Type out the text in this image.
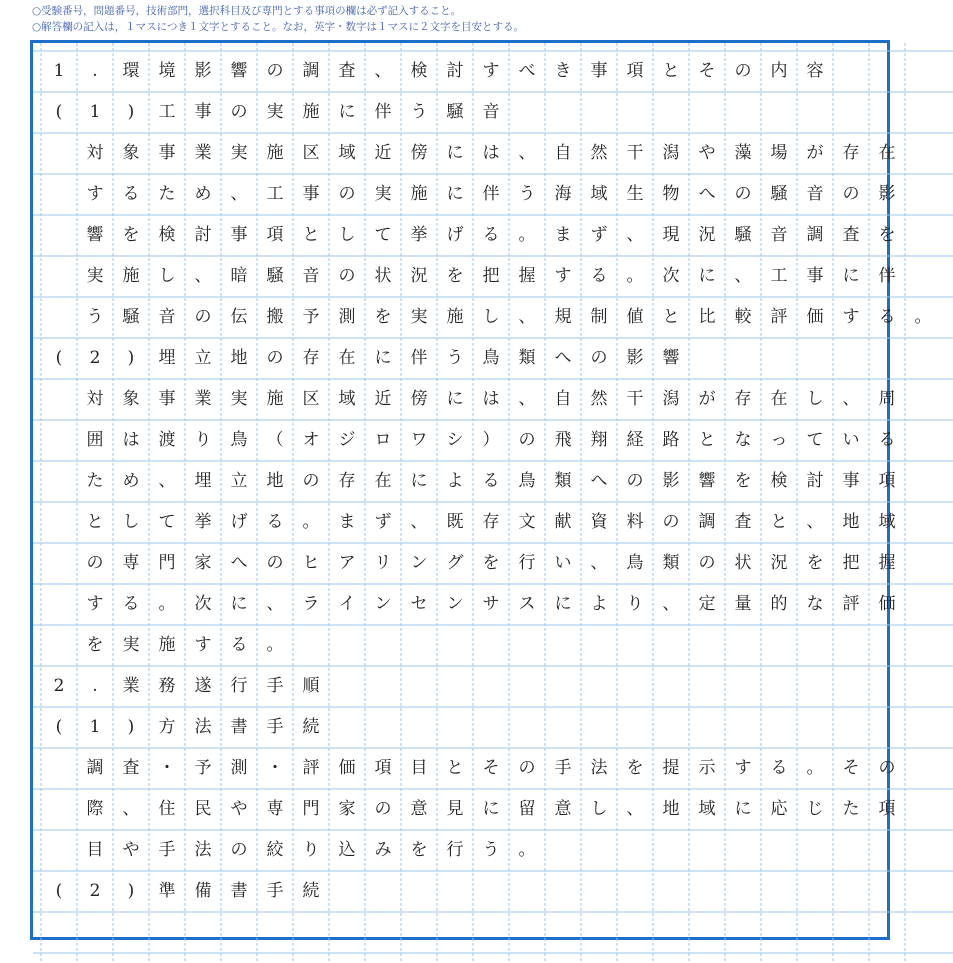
○受験番号，問題番号，技術部門，選択科目及び専門とする事項の欄は必ず記入すること。
○解答欄の記入は，１マスにつき１文字とすること。なお，英字・数字は１マスに２文字を目安とする。
1	.	環	境	影	響	の	調	査	、	検	討	す	べ	き	事	項	と	そ	の	内	容
(	1	)	工	事	の	実	施	に	伴	う	騒	音

対	象	事	業	実	施	区	域	近	傍	に	は	、	自	然	干	潟	や	藻	場	が	存	在

す	る	た	め	、	工	事	の	実	施	に	伴	う	海	域	生	物	へ	の	騒	音	の	影

響	を	検	討	事	項	と	し	て	挙	げ	る	。	ま	ず	、	現	況	騒	音	調	査	を

実	施	し	、	暗	騒	音	の	状	況	を	把	握	す	る	。	次	に	、	工	事	に	伴

う	騒	音	の	伝	搬	予	測	を	実	施	し	、	規	制	値	と	比	較	評	価	す	る	。
(	2	)	埋	立	地	の	存	在	に	伴	う	鳥	類	へ	の	影	響

対	象	事	業	実	施	区	域	近	傍	に	は	、	自	然	干	潟	が	存	在	し	、	周

囲	は	渡	り	鳥	（	オ	ジ	ロ	ワ	シ	）	の	飛	翔	経	路	と	な	っ	て	い	る

た	め	、	埋	立	地	の	存	在	に	よ	る	鳥	類	へ	の	影	響	を	検	討	事	項

と	し	て	挙	げ	る	。	ま	ず	、	既	存	文	献	資	料	の	調	査	と	、	地	域

の	専	門	家	へ	の	ヒ	ア	リ	ン	グ	を	行	い	、	鳥	類	の	状	況	を	把	握

す	る	。	次	に	、	ラ	イ	ン	セ	ン	サ	ス	に	よ	り	、	定	量	的	な	評	価

を	実	施	す	る	。
2	.	業	務	遂	行	手	順
(	1	)	方	法	書	手	続

調	査	・	予	測	・	評	価	項	目	と	そ	の	手	法	を	提	示	す	る	。	そ	の

際	、	住	民	や	専	門	家	の	意	見	に	留	意	し	、	地	域	に	応	じ	た	項

目	や	手	法	の	絞	り	込	み	を	行	う	。
(	2	)	準	備	書	手	続
